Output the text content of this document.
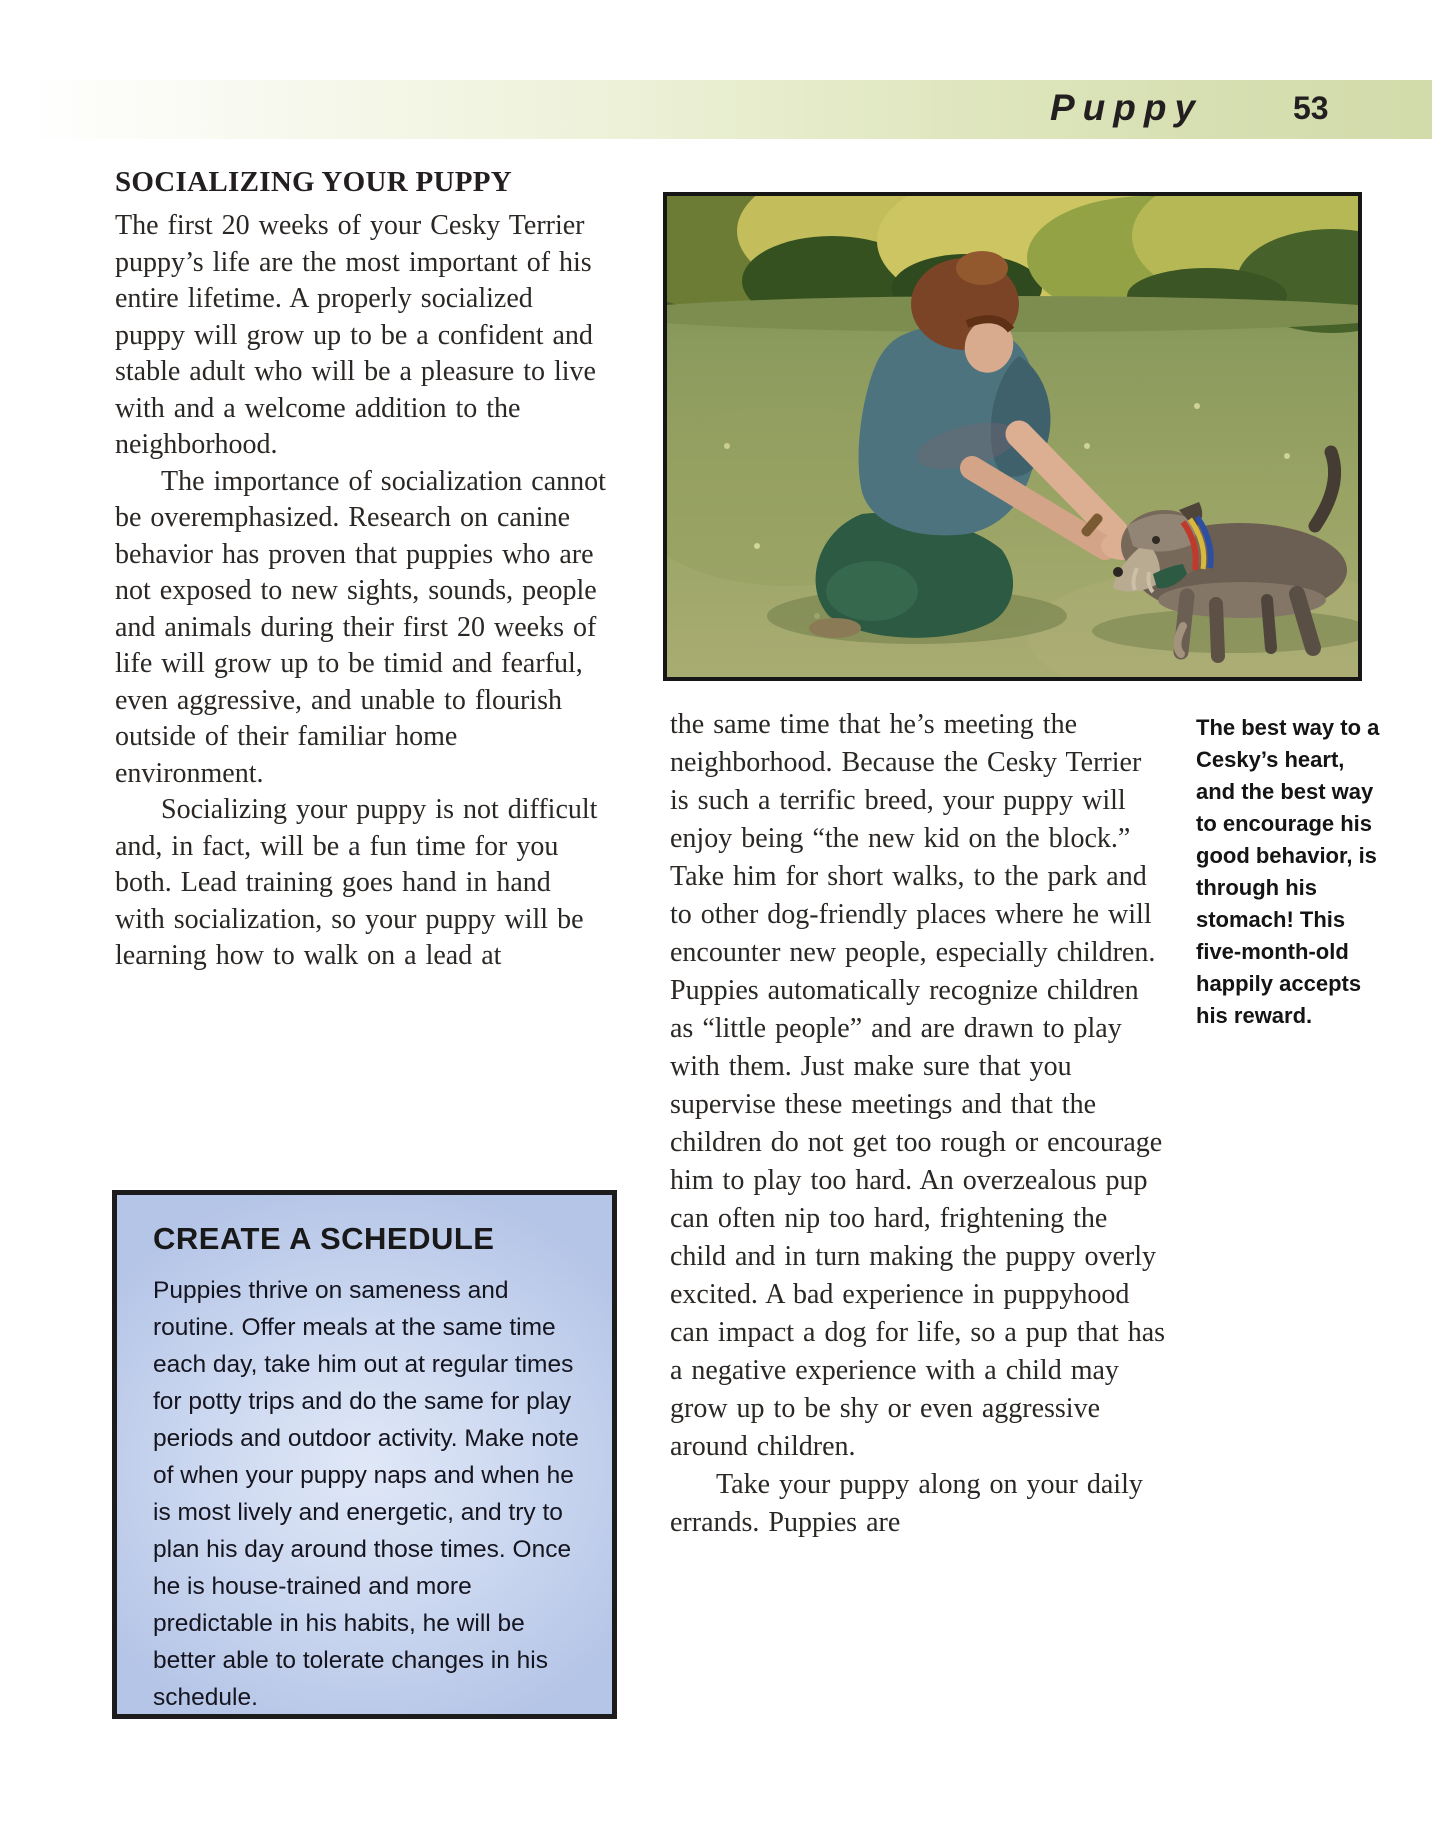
Puppy	53
SOCIALIZING YOUR PUPPY

The first 20 weeks of your Cesky Terrier puppy’s life are the most important of his entire lifetime. A properly socialized puppy will grow up to be a confident and stable adult who will be a pleasure to live with and a welcome addition to the neighborhood.

The importance of socialization cannot be overemphasized. Research on canine behavior has proven that puppies who are not exposed to new sights, sounds, people and animals during their first 20 weeks of life will grow up to be timid and fearful, even aggressive, and unable to flourish outside of their familiar home environment.

Socializing your puppy is not difficult and, in fact, will be a fun time for you both. Lead training goes hand in hand with socialization, so your puppy will be learning how to walk on a lead at

The best way to a Cesky’s heart, and the best way to encourage his good behavior, is through his stomach! This five-month-old happily accepts his reward.

the same time that he’s meeting the neighborhood. Because the Cesky Terrier is such a terrific breed, your puppy will enjoy being “the new kid on the block.” Take him for short walks, to the park and to other dog-friendly places where he will encounter new people, especially children. Puppies automatically recognize children as “little people” and are drawn to play with them. Just make sure that you supervise these meetings and that the children do not get too rough or encourage him to play too hard. An overzealous pup can often nip too hard, frightening the child and in turn making the puppy overly excited. A bad experience in puppyhood can impact a dog for life, so a pup that has a negative experience with a child may grow up to be shy or even aggressive around children.

Take your puppy along on your daily errands. Puppies are

CREATE A SCHEDULE
Puppies thrive on sameness and routine. Offer meals at the same time each day, take him out at regular times for potty trips and do the same for play periods and outdoor activity. Make note of when your puppy naps and when he is most lively and energetic, and try to plan his day around those times. Once he is house-trained and more predictable in his habits, he will be better able to tolerate changes in his schedule.
